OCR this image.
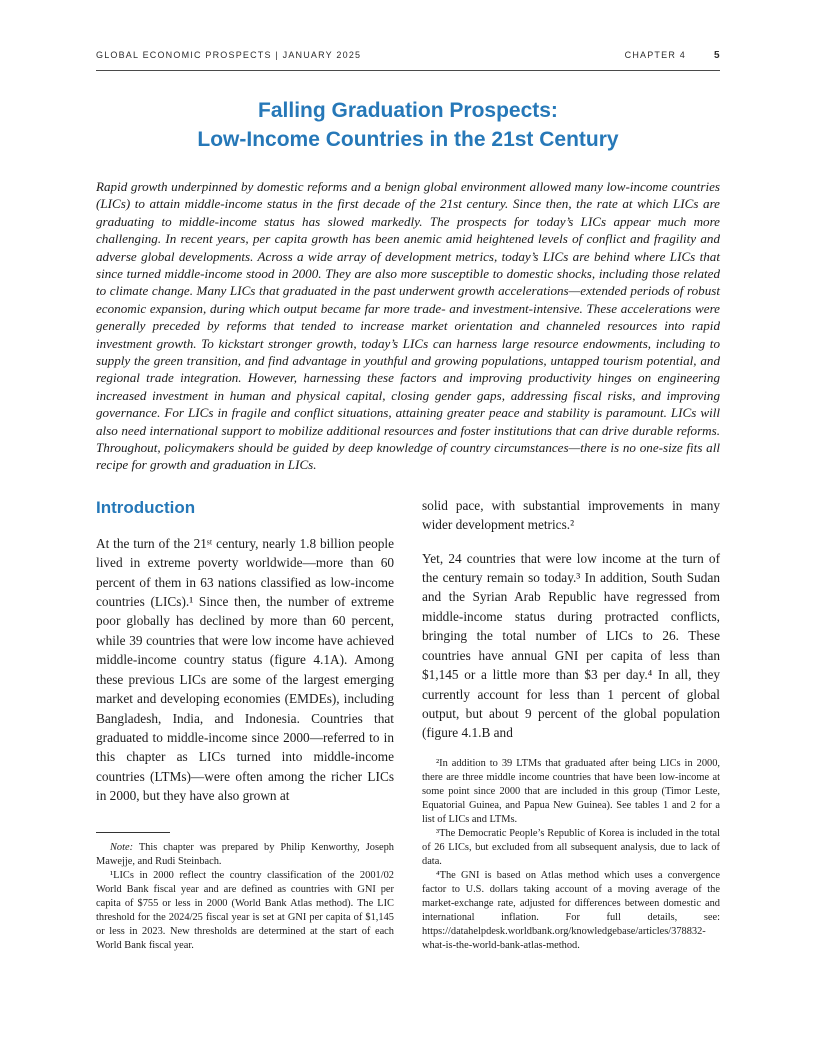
GLOBAL ECONOMIC PROSPECTS | JANUARY 2025	CHAPTER 4	5
Falling Graduation Prospects:
Low-Income Countries in the 21st Century
Rapid growth underpinned by domestic reforms and a benign global environment allowed many low-income countries (LICs) to attain middle-income status in the first decade of the 21st century. Since then, the rate at which LICs are graduating to middle-income status has slowed markedly. The prospects for today’s LICs appear much more challenging. In recent years, per capita growth has been anemic amid heightened levels of conflict and fragility and adverse global developments. Across a wide array of development metrics, today’s LICs are behind where LICs that since turned middle-income stood in 2000. They are also more susceptible to domestic shocks, including those related to climate change. Many LICs that graduated in the past underwent growth accelerations—extended periods of robust economic expansion, during which output became far more trade- and investment-intensive. These accelerations were generally preceded by reforms that tended to increase market orientation and channeled resources into rapid investment growth. To kickstart stronger growth, today’s LICs can harness large resource endowments, including to supply the green transition, and find advantage in youthful and growing populations, untapped tourism potential, and regional trade integration. However, harnessing these factors and improving productivity hinges on engineering increased investment in human and physical capital, closing gender gaps, addressing fiscal risks, and improving governance. For LICs in fragile and conflict situations, attaining greater peace and stability is paramount. LICs will also need international support to mobilize additional resources and foster institutions that can drive durable reforms. Throughout, policymakers should be guided by deep knowledge of country circumstances—there is no one-size fits all recipe for growth and graduation in LICs.
Introduction

At the turn of the 21ˢᵗ century, nearly 1.8 billion people lived in extreme poverty worldwide—more than 60 percent of them in 63 nations classified as low-income countries (LICs).¹ Since then, the number of extreme poor globally has declined by more than 60 percent, while 39 countries that were low income have achieved middle-income country status (figure 4.1A). Among these previous LICs are some of the largest emerging market and developing economies (EMDEs), including Bangladesh, India, and Indonesia. Countries that graduated to middle-income since 2000—referred to in this chapter as LICs turned into middle-income countries (LTMs)—were often among the richer LICs in 2000, but they have also grown at

Note: This chapter was prepared by Philip Kenworthy, Joseph Mawejje, and Rudi Steinbach.

¹LICs in 2000 reflect the country classification of the 2001/02 World Bank fiscal year and are defined as countries with GNI per capita of $755 or less in 2000 (World Bank Atlas method). The LIC threshold for the 2024/25 fiscal year is set at GNI per capita of $1,145 or less in 2023. New thresholds are determined at the start of each World Bank fiscal year.

solid pace, with substantial improvements in many wider development metrics.²

Yet, 24 countries that were low income at the turn of the century remain so today.³ In addition, South Sudan and the Syrian Arab Republic have regressed from middle-income status during protracted conflicts, bringing the total number of LICs to 26. These countries have annual GNI per capita of less than $1,145 or a little more than $3 per day.⁴ In all, they currently account for less than 1 percent of global output, but about 9 percent of the global population (figure 4.1.B and

²In addition to 39 LTMs that graduated after being LICs in 2000, there are three middle income countries that have been low-income at some point since 2000 that are included in this group (Timor Leste, Equatorial Guinea, and Papua New Guinea). See tables 1 and 2 for a list of LICs and LTMs.

³The Democratic People’s Republic of Korea is included in the total of 26 LICs, but excluded from all subsequent analysis, due to lack of data.

⁴The GNI is based on Atlas method which uses a convergence factor to U.S. dollars taking account of a moving average of the market-exchange rate, adjusted for differences between domestic and international inflation. For full details, see: https://datahelpdesk.worldbank.org/knowledgebase/articles/378832-what-is-the-world-bank-atlas-method.
